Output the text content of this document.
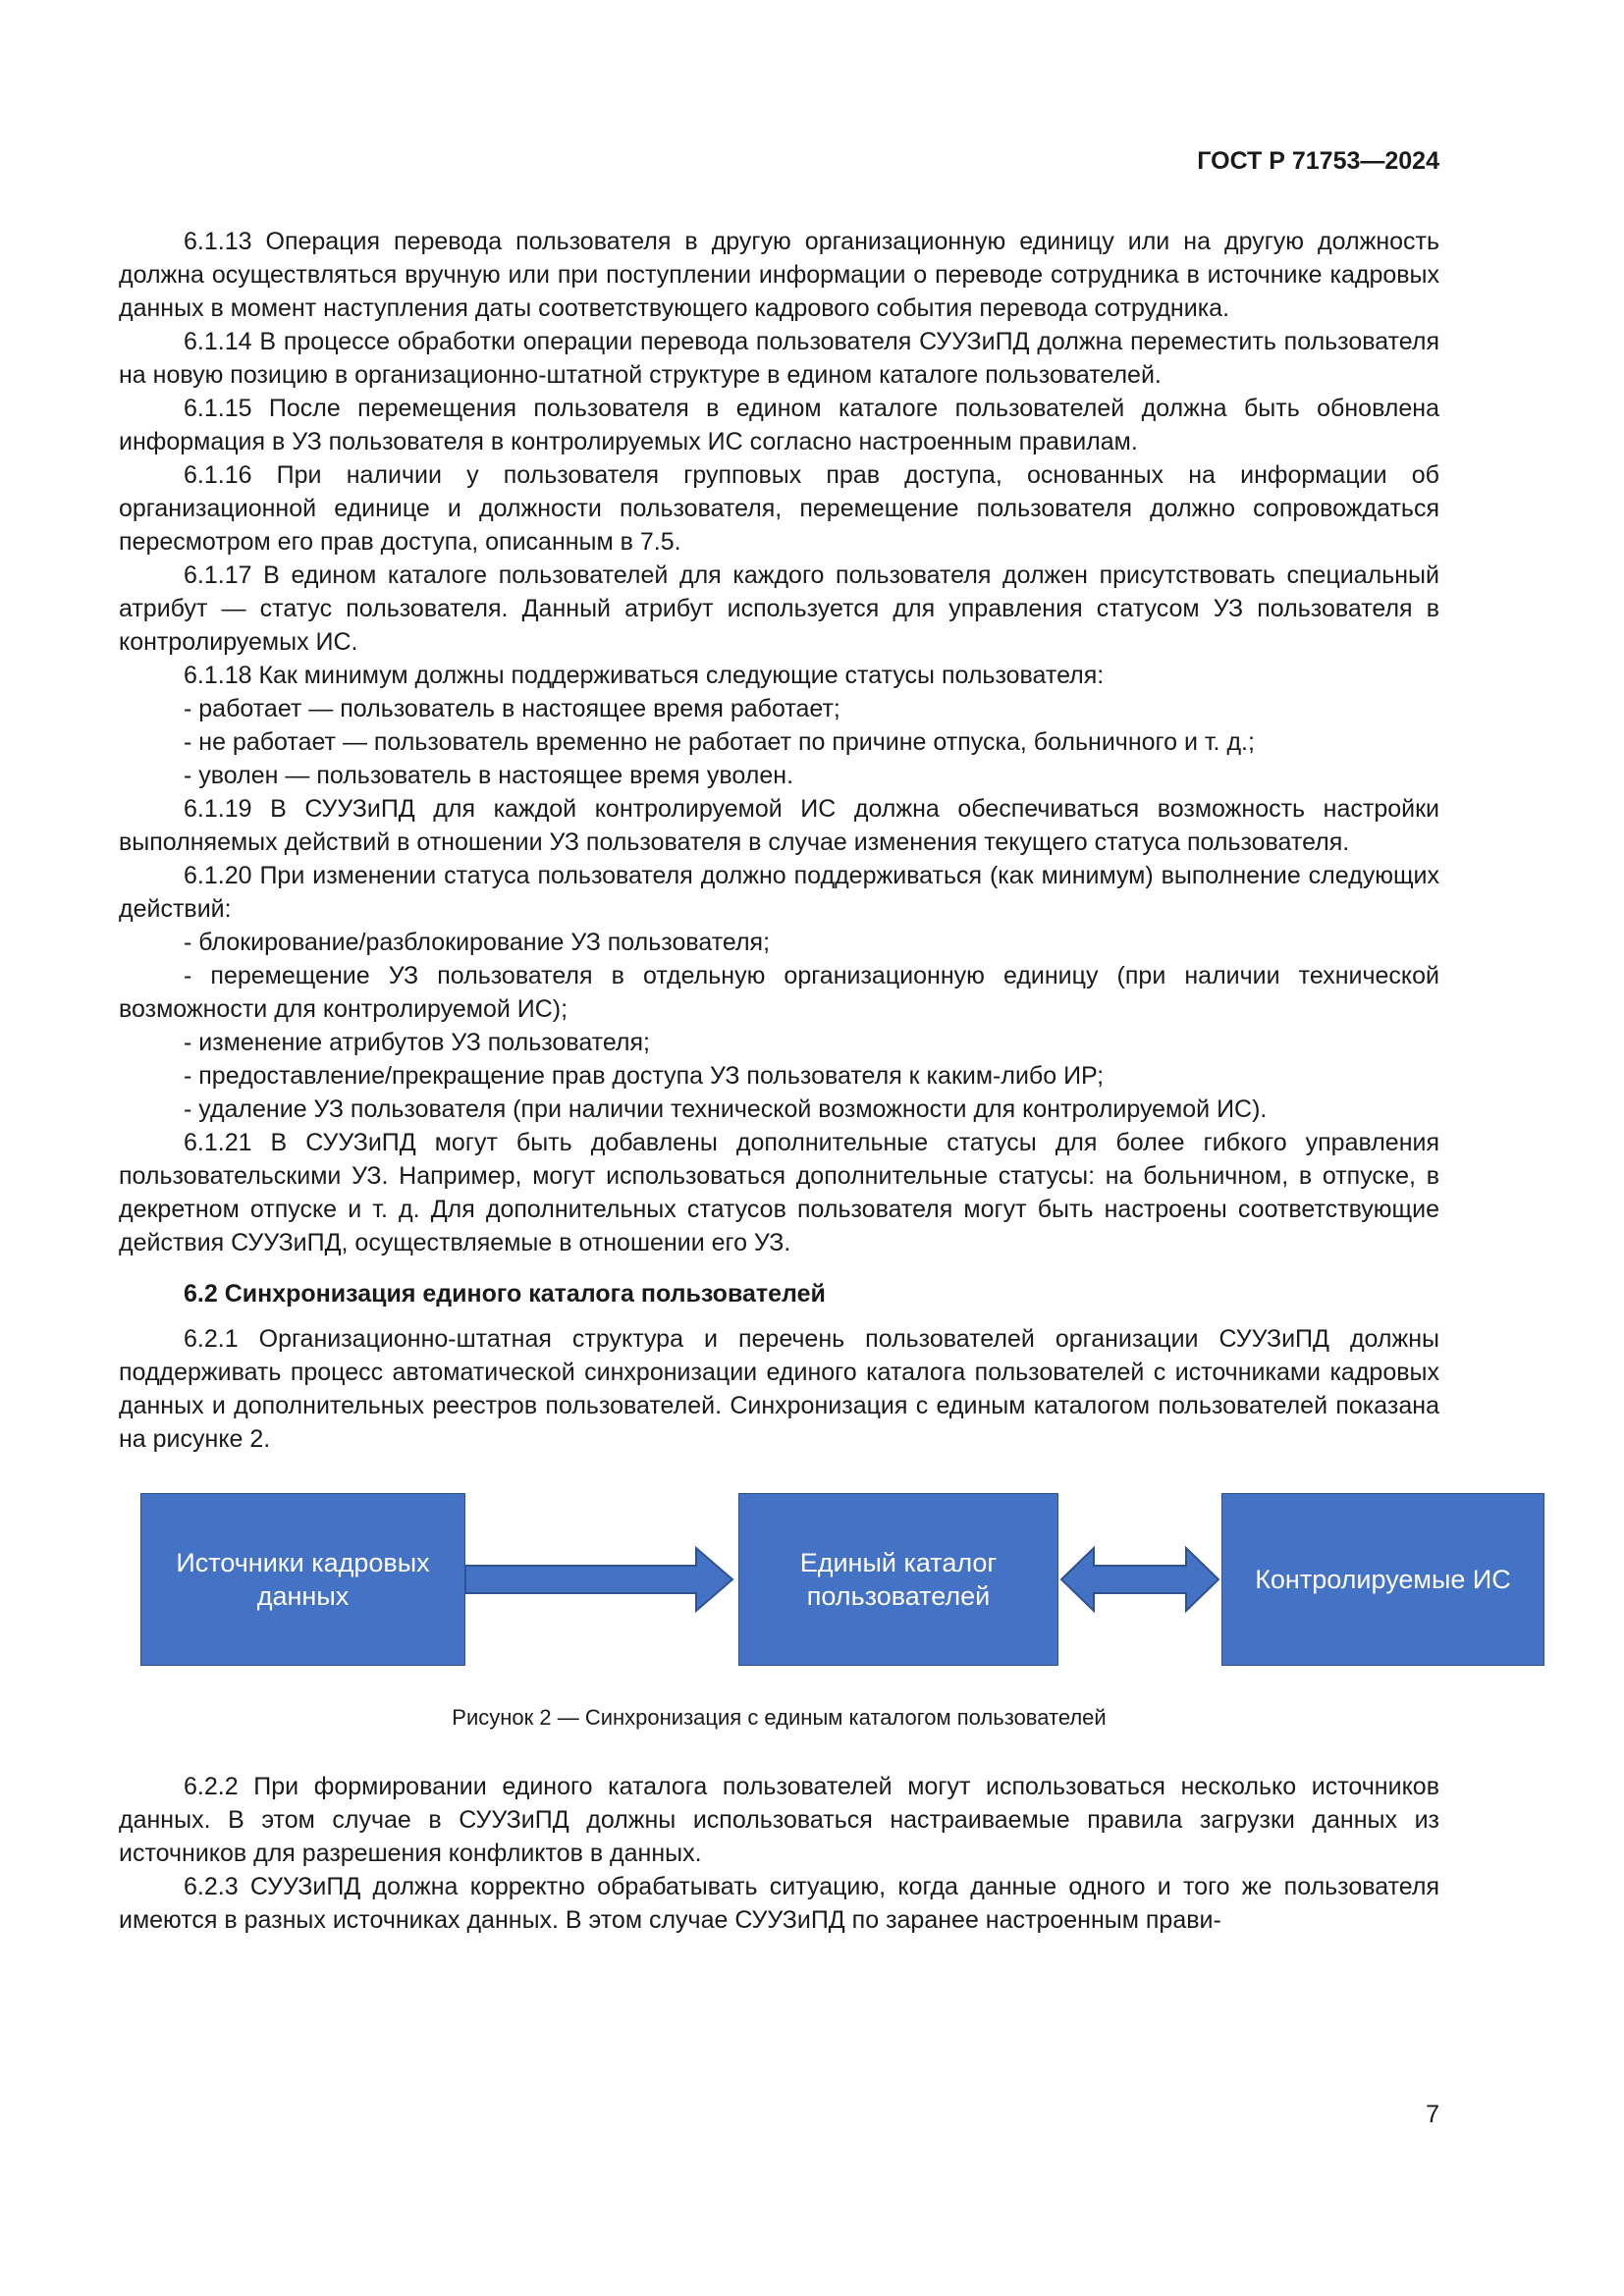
ГОСТ Р 71753—2024

6.1.13 Операция перевода пользователя в другую организационную единицу или на другую должность должна осуществляться вручную или при поступлении информации о переводе сотрудника в источнике кадровых данных в момент наступления даты соответствующего кадрового события перевода сотрудника.

6.1.14 В процессе обработки операции перевода пользователя СУУЗиПД должна переместить пользователя на новую позицию в организационно-штатной структуре в едином каталоге пользователей.

6.1.15 После перемещения пользователя в едином каталоге пользователей должна быть обновлена информация в УЗ пользователя в контролируемых ИС согласно настроенным правилам.

6.1.16 При наличии у пользователя групповых прав доступа, основанных на информации об организационной единице и должности пользователя, перемещение пользователя должно сопровождаться пересмотром его прав доступа, описанным в 7.5.

6.1.17 В едином каталоге пользователей для каждого пользователя должен присутствовать специальный атрибут — статус пользователя. Данный атрибут используется для управления статусом УЗ пользователя в контролируемых ИС.

6.1.18 Как минимум должны поддерживаться следующие статусы пользователя:

- работает — пользователь в настоящее время работает;

- не работает — пользователь временно не работает по причине отпуска, больничного и т. д.;

- уволен — пользователь в настоящее время уволен.

6.1.19 В СУУЗиПД для каждой контролируемой ИС должна обеспечиваться возможность настройки выполняемых действий в отношении УЗ пользователя в случае изменения текущего статуса пользователя.

6.1.20 При изменении статуса пользователя должно поддерживаться (как минимум) выполнение следующих действий:

- блокирование/разблокирование УЗ пользователя;

- перемещение УЗ пользователя в отдельную организационную единицу (при наличии технической возможности для контролируемой ИС);

- изменение атрибутов УЗ пользователя;

- предоставление/прекращение прав доступа УЗ пользователя к каким-либо ИР;

- удаление УЗ пользователя (при наличии технической возможности для контролируемой ИС).

6.1.21 В СУУЗиПД могут быть добавлены дополнительные статусы для более гибкого управления пользовательскими УЗ. Например, могут использоваться дополнительные статусы: на больничном, в отпуске, в декретном отпуске и т. д. Для дополнительных статусов пользователя могут быть настроены соответствующие действия СУУЗиПД, осуществляемые в отношении его УЗ.

6.2 Синхронизация единого каталога пользователей

6.2.1 Организационно-штатная структура и перечень пользователей организации СУУЗиПД должны поддерживать процесс автоматической синхронизации единого каталога пользователей с источниками кадровых данных и дополнительных реестров пользователей. Синхронизация с единым каталогом пользователей показана на рисунке 2.

Источники кадровых данных
Единый каталог пользователей
Контролируемые ИС
Рисунок 2 — Синхронизация с единым каталогом пользователей

6.2.2 При формировании единого каталога пользователей могут использоваться несколько источников данных. В этом случае в СУУЗиПД должны использоваться настраиваемые правила загрузки данных из источников для разрешения конфликтов в данных.

6.2.3 СУУЗиПД должна корректно обрабатывать ситуацию, когда данные одного и того же пользователя имеются в разных источниках данных. В этом случае СУУЗиПД по заранее настроенным прави-

7
